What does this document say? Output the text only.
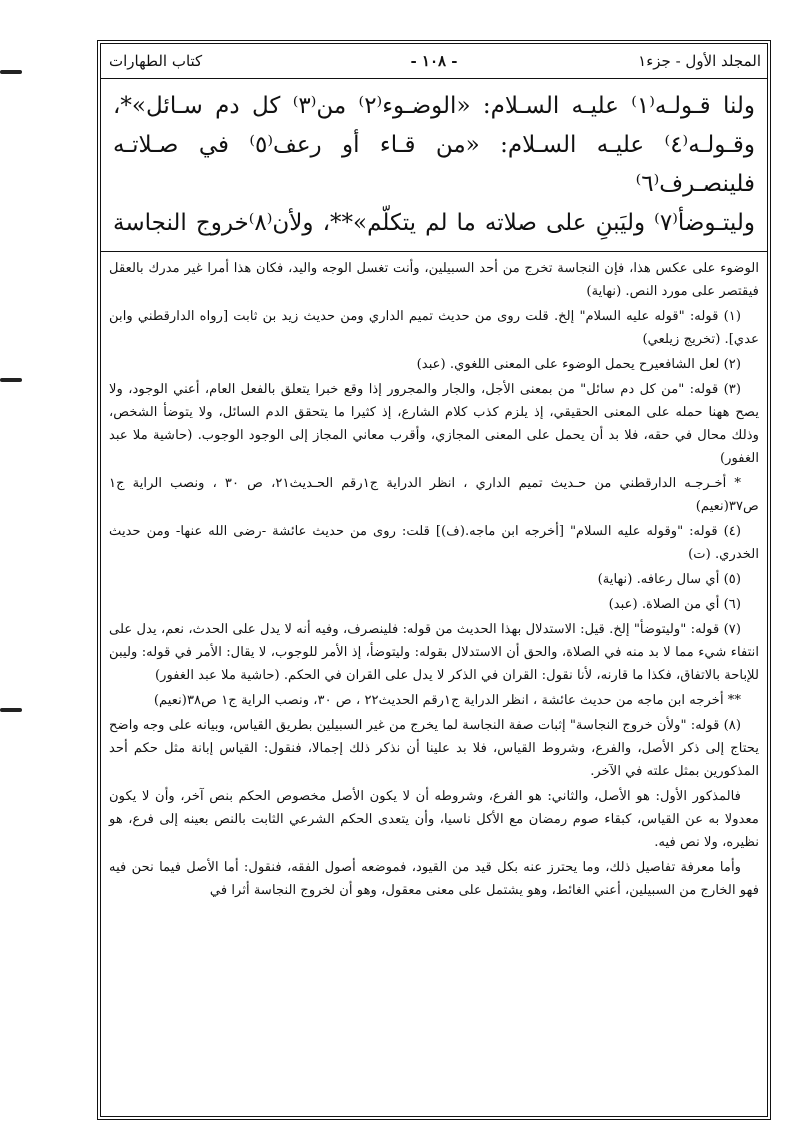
المجلد الأول - جزء١
- ١٠٨ -
كتاب الطهارات

ولنا قـولـه⁽١⁾ عليـه السـلام: «الوضـوء⁽٢⁾ من⁽٣⁾ كل دم سـائل»*،

وقـولـه⁽٤⁾ عليـه السـلام: «من قـاء أو رعف⁽٥⁾ في صـلاتـه فلينصـرف⁽٦⁾

وليتـوضأ⁽٧⁾ وليَبنِ على صلاته ما لم يتكلّم»**، ولأن⁽٨⁾خروج النجاسة

الوضوء على عكس هذا، فإن النجاسة تخرج من أحد السبيلين، وأنت تغسل الوجه واليد، فكان هذا أمرا غير مدرك بالعقل فيقتصر على مورد النص. (نهاية)

(١) قوله: "قوله عليه السلام" إلخ. قلت روى من حديث تميم الداري ومن حديث زيد بن ثابت [رواه الدارقطني وابن عدي]. (تخريج زيلعي)

(٢) لعل الشافعيرح يحمل الوضوء على المعنى اللغوي. (عبد)

(٣) قوله: "من كل دم سائل" من بمعنى الأجل، والجار والمجرور إذا وقع خبرا يتعلق بالفعل العام، أعني الوجود، ولا يصح ههنا حمله على المعنى الحقيقي، إذ يلزم كذب كلام الشارع، إذ كثيرا ما يتحقق الدم السائل، ولا يتوضأ الشخص، وذلك محال في حقه، فلا بد أن يحمل على المعنى المجازي، وأقرب معاني المجاز إلى الوجود الوجوب. (حاشية ملا عبد الغفور)

* أخـرجـه الدارقطني من حـديث تميم الداري ، انظر الدراية ج١رقم الحـديث٢١، ص ٣٠ ، ونصب الراية ج١ ص٣٧(نعيم)

(٤) قوله: "وقوله عليه السلام" [أخرجه ابن ماجه.(ف)] قلت: روى من حديث عائشة -رضى الله عنها- ومن حديث الخدري. (ت)

(٥) أي سال رعافه. (نهاية)

(٦) أي من الصلاة. (عبد)

(٧) قوله: "وليتوضأ" إلخ. قيل: الاستدلال بهذا الحديث من قوله: فلينصرف، وفيه أنه لا يدل على الحدث، نعم، يدل على انتفاء شيء مما لا بد منه في الصلاة، والحق أن الاستدلال بقوله: وليتوضأ، إذ الأمر للوجوب، لا يقال: الأمر في قوله: وليبن للإباحة بالاتفاق، فكذا ما قارنه، لأنا نقول: القران في الذكر لا يدل على القران في الحكم. (حاشية ملا عبد الغفور)

** أخرجه ابن ماجه من حديث عائشة ، انظر الدراية ج١رقم الحديث٢٢ ، ص ٣٠، ونصب الراية ج١ ص٣٨(نعيم)

(٨) قوله: "ولأن خروج النجاسة" إثبات صفة النجاسة لما يخرج من غير السبيلين بطريق القياس، وبيانه على وجه واضح يحتاج إلى ذكر الأصل، والفرع، وشروط القياس، فلا بد علينا أن نذكر ذلك إجمالا، فنقول: القياس إبانة مثل حكم أحد المذكورين بمثل علته في الآخر.

فالمذكور الأول: هو الأصل، والثاني: هو الفرع، وشروطه أن لا يكون الأصل مخصوص الحكم بنص آخر، وأن لا يكون معدولا به عن القياس، كبقاء صوم رمضان مع الأكل ناسيا، وأن يتعدى الحكم الشرعي الثابت بالنص بعينه إلى فرع، هو نظيره، ولا نص فيه.

وأما معرفة تفاصيل ذلك، وما يحترز عنه بكل قيد من القيود، فموضعه أصول الفقه، فنقول: أما الأصل فيما نحن فيه فهو الخارج من السبيلين، أعني الغائط، وهو يشتمل على معنى معقول، وهو أن لخروج النجاسة أثرا في
